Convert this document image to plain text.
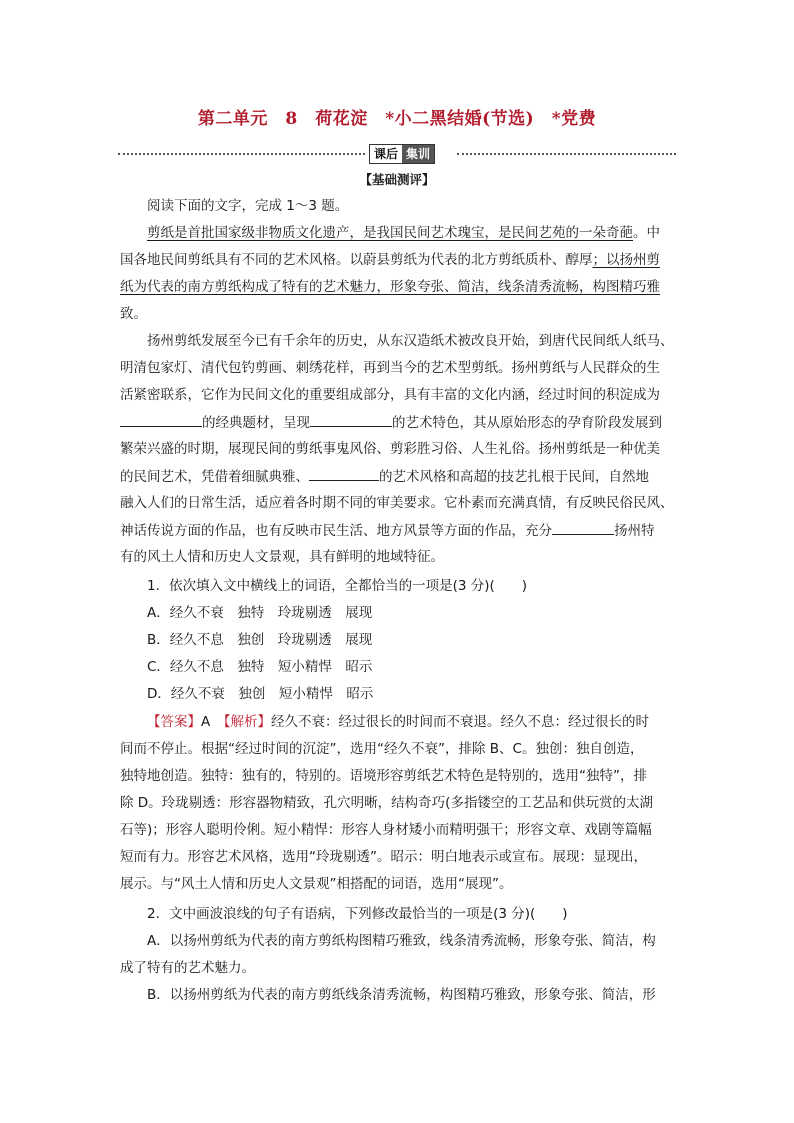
第二单元　8　荷花淀　*小二黑结婚(节选)　*党费
课后 集训
【基础测评】
阅读下面的文字，完成 1～3 题。
剪纸是首批国家级非物质文化遗产，是我国民间艺术瑰宝，是民间艺苑的一朵奇葩。中
国各地民间剪纸具有不同的艺术风格。以蔚县剪纸为代表的北方剪纸质朴、醇厚；以扬州剪
纸为代表的南方剪纸构成了特有的艺术魅力，形象夸张、简洁，线条清秀流畅，构图精巧雅
致。
扬州剪纸发展至今已有千余年的历史，从东汉造纸术被改良开始，到唐代民间纸人纸马、
明清包家灯、清代包钓剪画、刺绣花样，再到当今的艺术型剪纸。扬州剪纸与人民群众的生
活紧密联系，它作为民间文化的重要组成部分，具有丰富的文化内涵，经过时间的积淀成为
的经典题材，呈现	的艺术特色，其从原始形态的孕育阶段发展到
繁荣兴盛的时期，展现民间的剪纸事鬼风俗、剪彩胜习俗、人生礼俗。扬州剪纸是一种优美
的民间艺术，凭借着细腻典雅、	的艺术风格和高超的技艺扎根于民间，自然地
融入人们的日常生活，适应着各时期不同的审美要求。它朴素而充满真情，有反映民俗民风、
神话传说方面的作品，也有反映市民生活、地方风景等方面的作品，充分	扬州特
有的风土人情和历史人文景观，具有鲜明的地域特征。
1．依次填入文中横线上的词语，全都恰当的一项是(3 分)(　　)
A．经久不衰　独特　玲珑剔透　展现
B．经久不息　独创　玲珑剔透　展现
C．经久不息　独特　短小精悍　昭示
D．经久不衰　独创　短小精悍　昭示
【答案】A　【解析】经久不衰：经过很长的时间而不衰退。经久不息：经过很长的时
间而不停止。根据“经过时间的沉淀”，选用“经久不衰”，排除 B、C。独创：独自创造，
独特地创造。独特：独有的，特别的。语境形容剪纸艺术特色是特别的，选用“独特”，排
除 D。玲珑剔透：形容器物精致，孔穴明晰，结构奇巧(多指镂空的工艺品和供玩赏的太湖
石等)；形容人聪明伶俐。短小精悍：形容人身材矮小而精明强干；形容文章、戏剧等篇幅
短而有力。形容艺术风格，选用“玲珑剔透”。昭示：明白地表示或宣布。展现：显现出，
展示。与“风土人情和历史人文景观”相搭配的词语，选用“展现”。
2．文中画波浪线的句子有语病，下列修改最恰当的一项是(3 分)(　　)
A．以扬州剪纸为代表的南方剪纸构图精巧雅致，线条清秀流畅，形象夸张、简洁，构
成了特有的艺术魅力。
B．以扬州剪纸为代表的南方剪纸线条清秀流畅，构图精巧雅致，形象夸张、简洁，形
